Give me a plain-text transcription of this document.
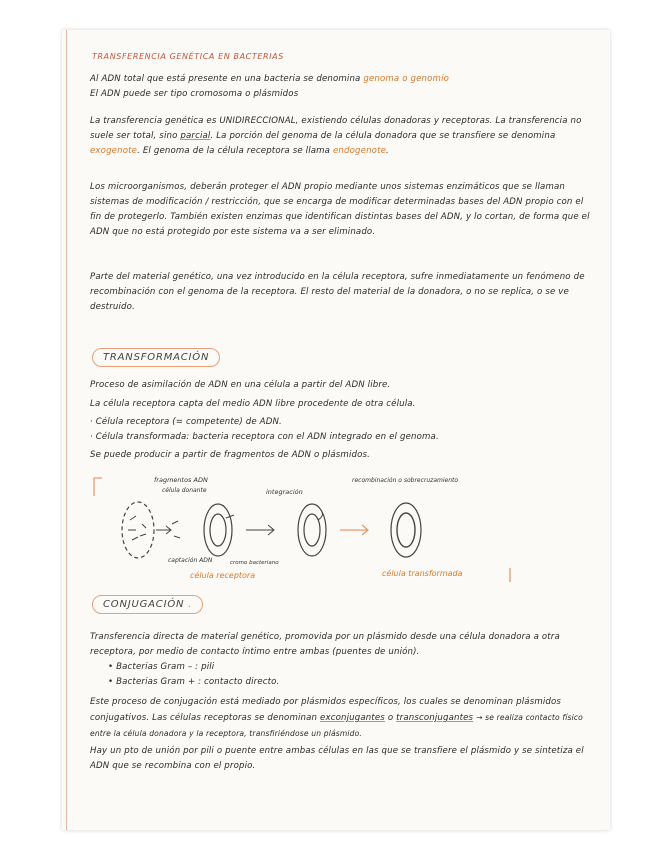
TRANSFERENCIA GENÉTICA EN BACTERIAS

Al ADN total que está presente en una bacteria se denomina genoma o genomio

El ADN puede ser tipo cromosoma o plásmidos

La transferencia genética es UNIDIRECCIONAL, existiendo células donadoras y receptoras. La transferencia no suele ser total, sino parcial. La porción del genoma de la célula donadora que se transfiere se denomina exogenote. El genoma de la célula receptora se llama endogenote.

Los microorganismos, deberán proteger el ADN propio mediante unos sistemas enzimáticos que se llaman sistemas de modificación / restricción, que se encarga de modificar determinadas bases del ADN propio con el fin de protegerlo. También existen enzimas que identifican distintas bases del ADN, y lo cortan, de forma que el ADN que no está protegido por este sistema va a ser eliminado.

Parte del material genético, una vez introducido en la célula receptora, sufre inmediatamente un fenómeno de recombinación con el genoma de la receptora. El resto del material de la donadora, o no se replica, o se ve destruido.

TRANSFORMACIÓN

Proceso de asimilación de ADN en una célula a partir del ADN libre.

La célula receptora capta del medio ADN libre procedente de otra célula.

· Célula receptora (= competente) de ADN.

· Célula transformada: bacteria receptora con el ADN integrado en el genoma.

Se puede producir a partir de fragmentos de ADN o plásmidos.

fragmentos ADN
célula donante
captación ADN
integración
cromo bacteriano
recombinación o sobrecruzamiento
célula receptora	célula transformada
CONJUGACIÓN .

Transferencia directa de material genético, promovida por un plásmido desde una célula donadora a otra receptora, por medio de contacto íntimo entre ambas (puentes de unión).

• Bacterias Gram – : pili

• Bacterias Gram + : contacto directo.

Este proceso de conjugación está mediado por plásmidos específicos, los cuales se denominan plásmidos conjugativos. Las células receptoras se denominan exconjugantes o transconjugantes → se realiza contacto físico entre la célula donadora y la receptora, transfiriéndose un plásmido.

Hay un pto de unión por pili o puente entre ambas células en las que se transfiere el plásmido y se sintetiza el ADN que se recombina con el propio.
